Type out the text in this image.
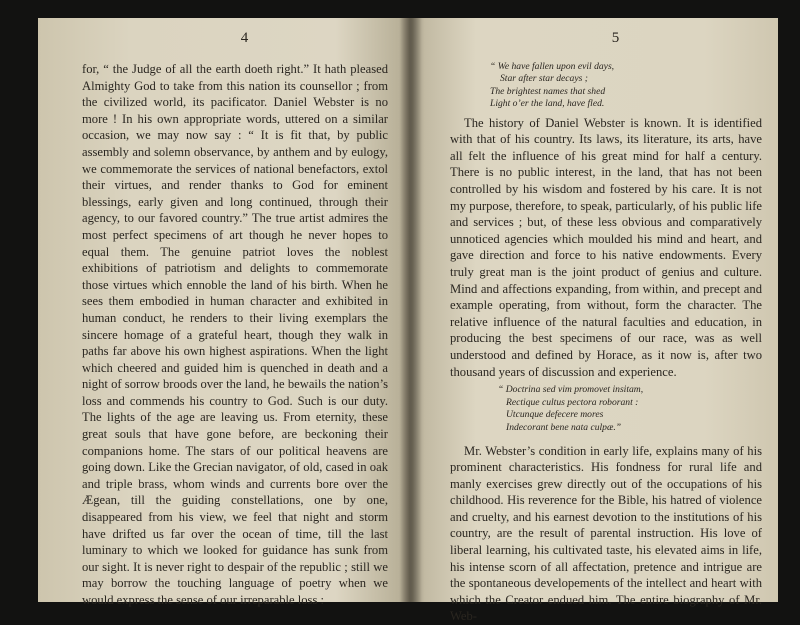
4

for, “ the Judge of all the earth doeth right.” It hath pleased Almighty God to take from this nation its counsellor ; from the civilized world, its pacificator. Daniel Webster is no more ! In his own appropriate words, uttered on a similar occasion, we may now say : “ It is fit that, by public assembly and solemn observance, by anthem and by eulogy, we commemorate the services of national benefactors, extol their virtues, and render thanks to God for eminent blessings, early given and long continued, through their agency, to our favored country.” The true artist admires the most perfect specimens of art though he never hopes to equal them. The genuine patriot loves the noblest exhibitions of patriotism and delights to commemorate those virtues which ennoble the land of his birth. When he sees them embodied in human character and exhibited in human conduct, he renders to their living exemplars the sincere homage of a grateful heart, though they walk in paths far above his own highest aspirations. When the light which cheered and guided him is quenched in death and a night of sorrow broods over the land, he bewails the nation’s loss and commends his country to God. Such is our duty. The lights of the age are leaving us. From eternity, these great souls that have gone before, are beckoning their companions home. The stars of our political heavens are going down. Like the Grecian navigator, of old, cased in oak and triple brass, whom winds and currents bore over the Ægean, till the guiding constellations, one by one, disappeared from his view, we feel that night and storm have drifted us far over the ocean of time, till the last luminary to which we looked for guidance has sunk from our sight. It is never right to despair of the republic ; still we may borrow the touching language of poetry when we would express the sense of our irreparable loss :

5
“ We have fallen upon evil days,
Star after star decays ;
The brightest names that shed
Light o’er the land, have fled.

The history of Daniel Webster is known. It is identified with that of his country. Its laws, its literature, its arts, have all felt the influence of his great mind for half a century. There is no public interest, in the land, that has not been controlled by his wisdom and fostered by his care. It is not my purpose, therefore, to speak, particularly, of his public life and services ; but, of these less obvious and comparatively unnoticed agencies which moulded his mind and heart, and gave direction and force to his native endowments. Every truly great man is the joint product of genius and culture. Mind and affections expanding, from within, and precept and example operating, from without, form the character. The relative influence of the natural faculties and education, in producing the best specimens of our race, was as well understood and defined by Horace, as it now is, after two thousand years of discussion and experience.

“ Doctrina sed vim promovet insitam,
Rectique cultus pectora roborant :
Utcunque defecere mores
Indecorant bene nata culpæ.”

Mr. Webster’s condition in early life, explains many of his prominent characteristics. His fondness for rural life and manly exercises grew directly out of the occupations of his childhood. His reverence for the Bible, his hatred of violence and cruelty, and his earnest devotion to the institutions of his country, are the result of parental instruction. His love of liberal learning, his cultivated taste, his elevated aims in life, his intense scorn of all affectation, pretence and intrigue are the spontaneous developements of the intellect and heart with which the Creator endued him. The entire biography of Mr. Web-
